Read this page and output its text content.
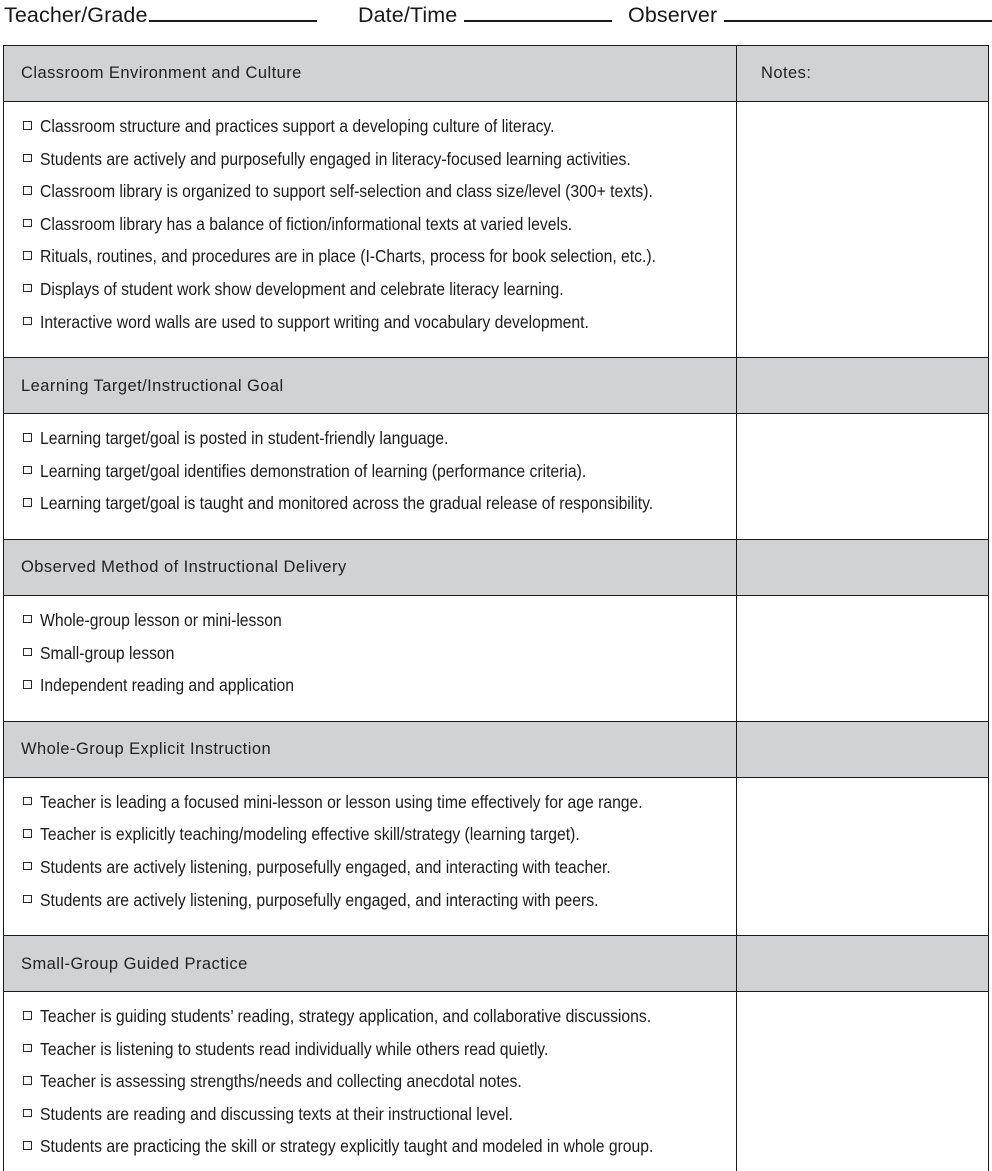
Teacher/Grade	Date/Time	Observer
Classroom Environment and Culture	Notes:
Classroom structure and practices support a developing culture of literacy.
Students are actively and purposefully engaged in literacy-focused learning activities.
Classroom library is organized to support self-selection and class size/level (300+ texts).
Classroom library has a balance of fiction/informational texts at varied levels.
Rituals, routines, and procedures are in place (I-Charts, process for book selection, etc.).
Displays of student work show development and celebrate literacy learning.
Interactive word walls are used to support writing and vocabulary development.
Learning Target/Instructional Goal
Learning target/goal is posted in student-friendly language.
Learning target/goal identifies demonstration of learning (performance criteria).
Learning target/goal is taught and monitored across the gradual release of responsibility.
Observed Method of Instructional Delivery
Whole-group lesson or mini-lesson
Small-group lesson
Independent reading and application
Whole-Group Explicit Instruction
Teacher is leading a focused mini-lesson or lesson using time effectively for age range.
Teacher is explicitly teaching/modeling effective skill/strategy (learning target).
Students are actively listening, purposefully engaged, and interacting with teacher.
Students are actively listening, purposefully engaged, and interacting with peers.
Small-Group Guided Practice
Teacher is guiding students’ reading, strategy application, and collaborative discussions.
Teacher is listening to students read individually while others read quietly.
Teacher is assessing strengths/needs and collecting anecdotal notes.
Students are reading and discussing texts at their instructional level.
Students are practicing the skill or strategy explicitly taught and modeled in whole group.
